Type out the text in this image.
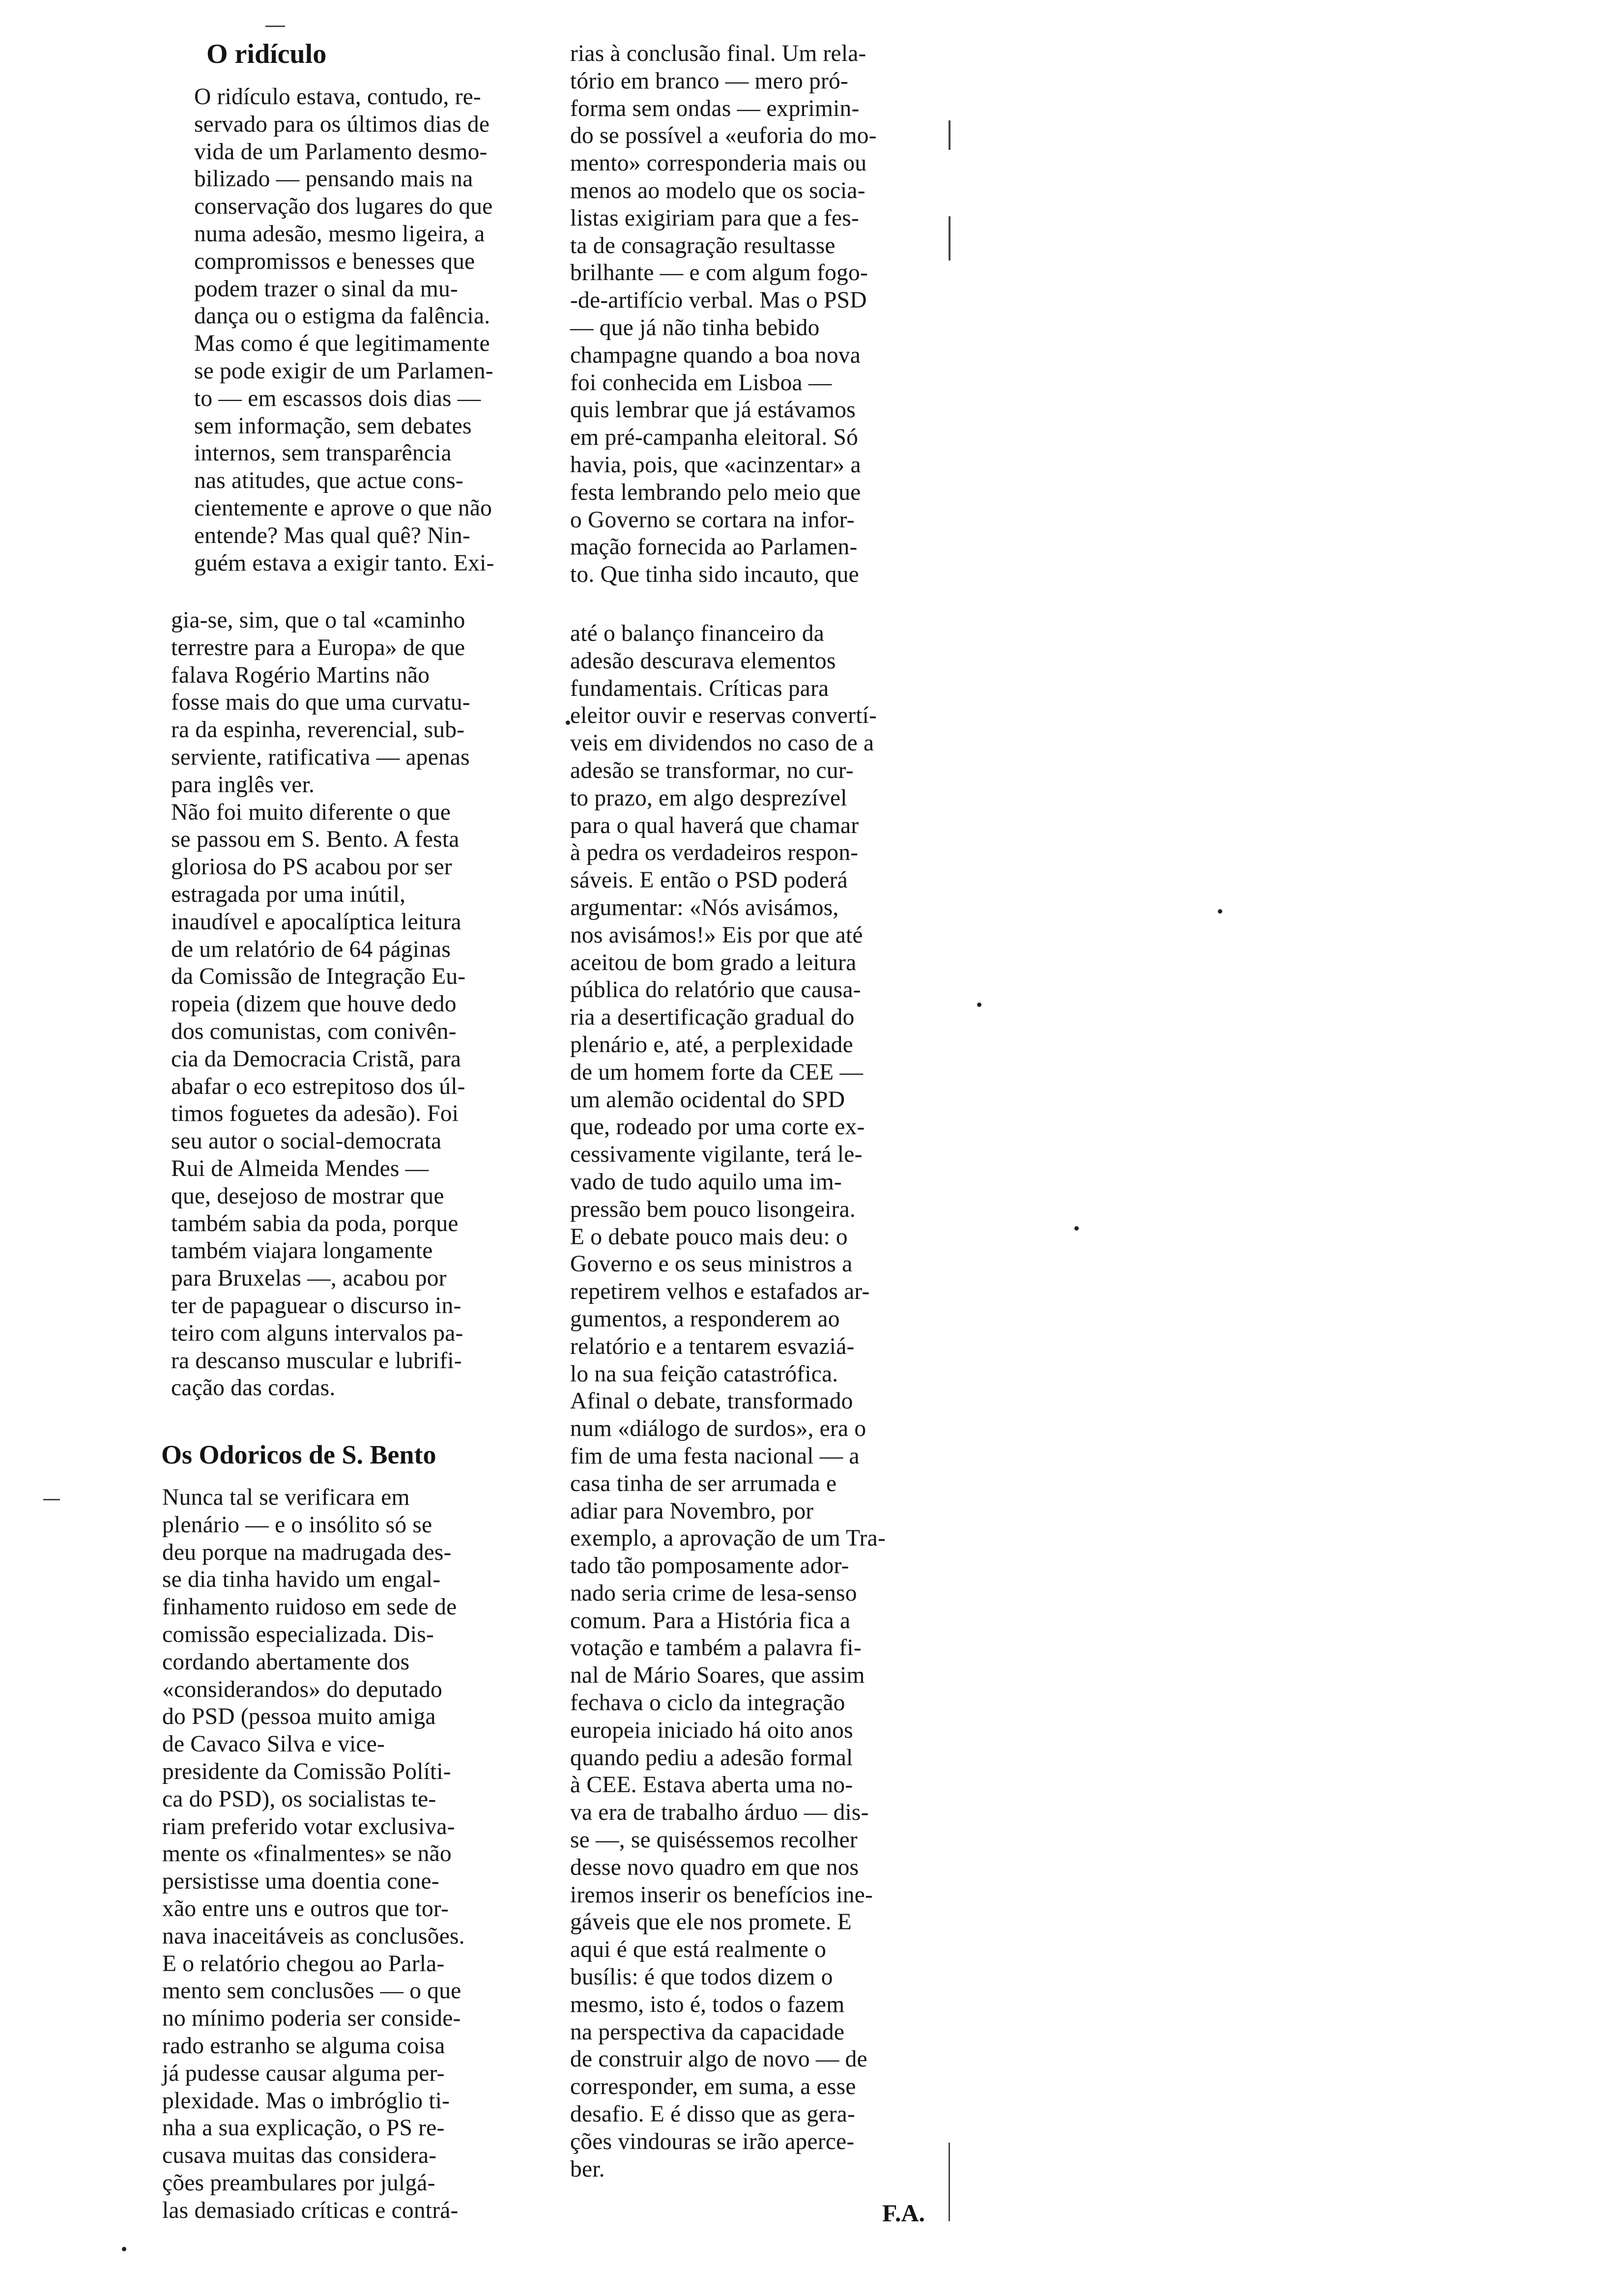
O ridículo
O ridículo estava, contudo, re-
servado para os últimos dias de
vida de um Parlamento desmo-
bilizado — pensando mais na
conservação dos lugares do que
numa adesão, mesmo ligeira, a
compromissos e benesses que
podem trazer o sinal da mu-
dança ou o estigma da falência.
Mas como é que legitimamente
se pode exigir de um Parlamen-
to — em escassos dois dias —
sem informação, sem debates
internos, sem transparência
nas atitudes, que actue cons-
cientemente e aprove o que não
entende? Mas qual quê? Nin-
guém estava a exigir tanto. Exi-
gia-se, sim, que o tal «caminho
terrestre para a Europa» de que
falava Rogério Martins não
fosse mais do que uma curvatu-
ra da espinha, reverencial, sub-
serviente, ratificativa — apenas
para inglês ver.
Não foi muito diferente o que
se passou em S. Bento. A festa
gloriosa do PS acabou por ser
estragada por uma inútil,
inaudível e apocalíptica leitura
de um relatório de 64 páginas
da Comissão de Integração Eu-
ropeia (dizem que houve dedo
dos comunistas, com conivên-
cia da Democracia Cristã, para
abafar o eco estrepitoso dos úl-
timos foguetes da adesão). Foi
seu autor o social-democrata
Rui de Almeida Mendes —
que, desejoso de mostrar que
também sabia da poda, porque
também viajara longamente
para Bruxelas —, acabou por
ter de papaguear o discurso in-
teiro com alguns intervalos pa-
ra descanso muscular e lubrifi-
cação das cordas.
Os Odoricos de S. Bento
Nunca tal se verificara em
plenário — e o insólito só se
deu porque na madrugada des-
se dia tinha havido um engal-
finhamento ruidoso em sede de
comissão especializada. Dis-
cordando abertamente dos
«considerandos» do deputado
do PSD (pessoa muito amiga
de Cavaco Silva e vice-
presidente da Comissão Políti-
ca do PSD), os socialistas te-
riam preferido votar exclusiva-
mente os «finalmentes» se não
persistisse uma doentia cone-
xão entre uns e outros que tor-
nava inaceitáveis as conclusões.
E o relatório chegou ao Parla-
mento sem conclusões — o que
no mínimo poderia ser conside-
rado estranho se alguma coisa
já pudesse causar alguma per-
plexidade. Mas o imbróglio ti-
nha a sua explicação, o PS re-
cusava muitas das considera-
ções preambulares por julgá-
las demasiado críticas e contrá-
rias à conclusão final. Um rela-
tório em branco — mero pró-
forma sem ondas — exprimin-
do se possível a «euforia do mo-
mento» corresponderia mais ou
menos ao modelo que os socia-
listas exigiriam para que a fes-
ta de consagração resultasse
brilhante — e com algum fogo-
-de-artifício verbal. Mas o PSD
— que já não tinha bebido
champagne quando a boa nova
foi conhecida em Lisboa —
quis lembrar que já estávamos
em pré-campanha eleitoral. Só
havia, pois, que «acinzentar» a
festa lembrando pelo meio que
o Governo se cortara na infor-
mação fornecida ao Parlamen-
to. Que tinha sido incauto, que
até o balanço financeiro da
adesão descurava elementos
fundamentais. Críticas para
eleitor ouvir e reservas convertí-
veis em dividendos no caso de a
adesão se transformar, no cur-
to prazo, em algo desprezível
para o qual haverá que chamar
à pedra os verdadeiros respon-
sáveis. E então o PSD poderá
argumentar: «Nós avisámos,
nos avisámos!» Eis por que até
aceitou de bom grado a leitura
pública do relatório que causa-
ria a desertificação gradual do
plenário e, até, a perplexidade
de um homem forte da CEE —
um alemão ocidental do SPD
que, rodeado por uma corte ex-
cessivamente vigilante, terá le-
vado de tudo aquilo uma im-
pressão bem pouco lisongeira.
E o debate pouco mais deu: o
Governo e os seus ministros a
repetirem velhos e estafados ar-
gumentos, a responderem ao
relatório e a tentarem esvaziá-
lo na sua feição catastrófica.
Afinal o debate, transformado
num «diálogo de surdos», era o
fim de uma festa nacional — a
casa tinha de ser arrumada e
adiar para Novembro, por
exemplo, a aprovação de um Tra-
tado tão pomposamente ador-
nado seria crime de lesa-senso
comum. Para a História fica a
votação e também a palavra fi-
nal de Mário Soares, que assim
fechava o ciclo da integração
europeia iniciado há oito anos
quando pediu a adesão formal
à CEE. Estava aberta uma no-
va era de trabalho árduo — dis-
se —, se quiséssemos recolher
desse novo quadro em que nos
iremos inserir os benefícios ine-
gáveis que ele nos promete. E
aqui é que está realmente o
busílis: é que todos dizem o
mesmo, isto é, todos o fazem
na perspectiva da capacidade
de construir algo de novo — de
corresponder, em suma, a esse
desafio. E é disso que as gera-
ções vindouras se irão aperce-
ber.
F.A.
